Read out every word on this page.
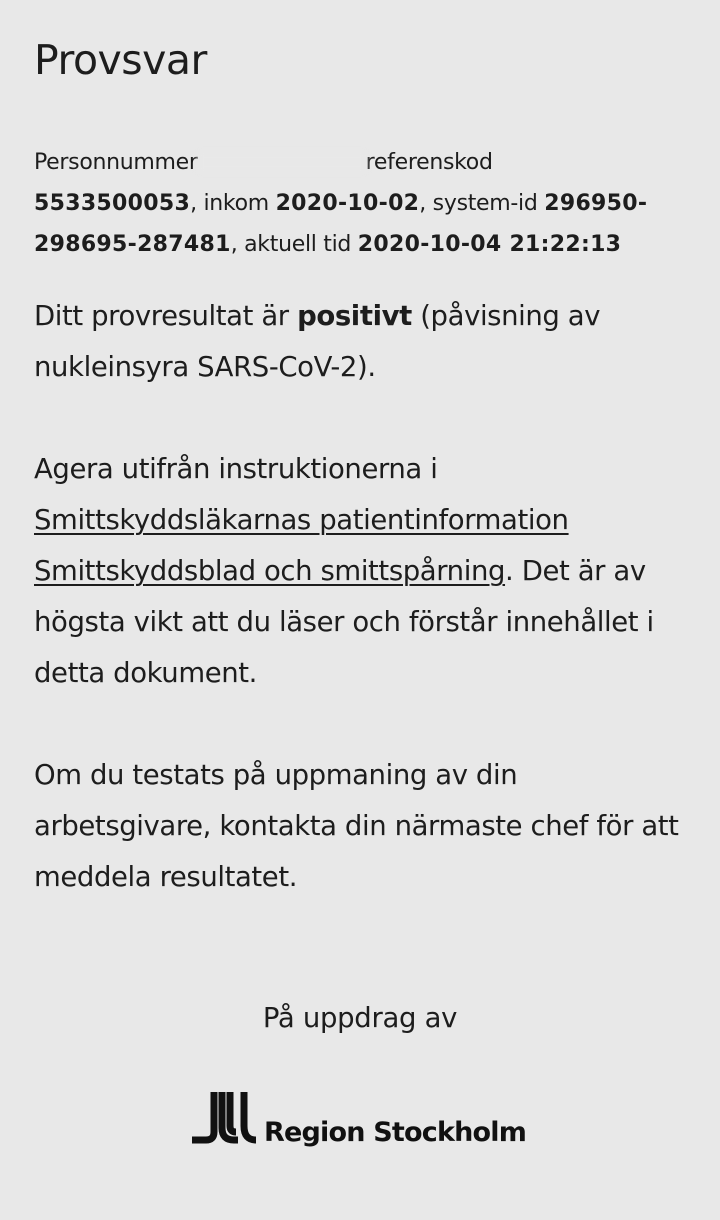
Provsvar
Personnummer	referenskod
5533500053, inkom 2020-10-02, system-id 296950-298695-287481, aktuell tid 2020-10-04 21:22:13

Ditt provresultat är positivt (påvisning av nukleinsyra SARS-CoV-2).

Agera utifrån instruktionerna i
Smittskyddsläkarnas patientinformation
Smittskyddsblad och smittspårning. Det är av högsta vikt att du läser och förstår innehållet i detta dokument.

Om du testats på uppmaning av din arbetsgivare, kontakta din närmaste chef för att meddela resultatet.

På uppdrag av
Region Stockholm
